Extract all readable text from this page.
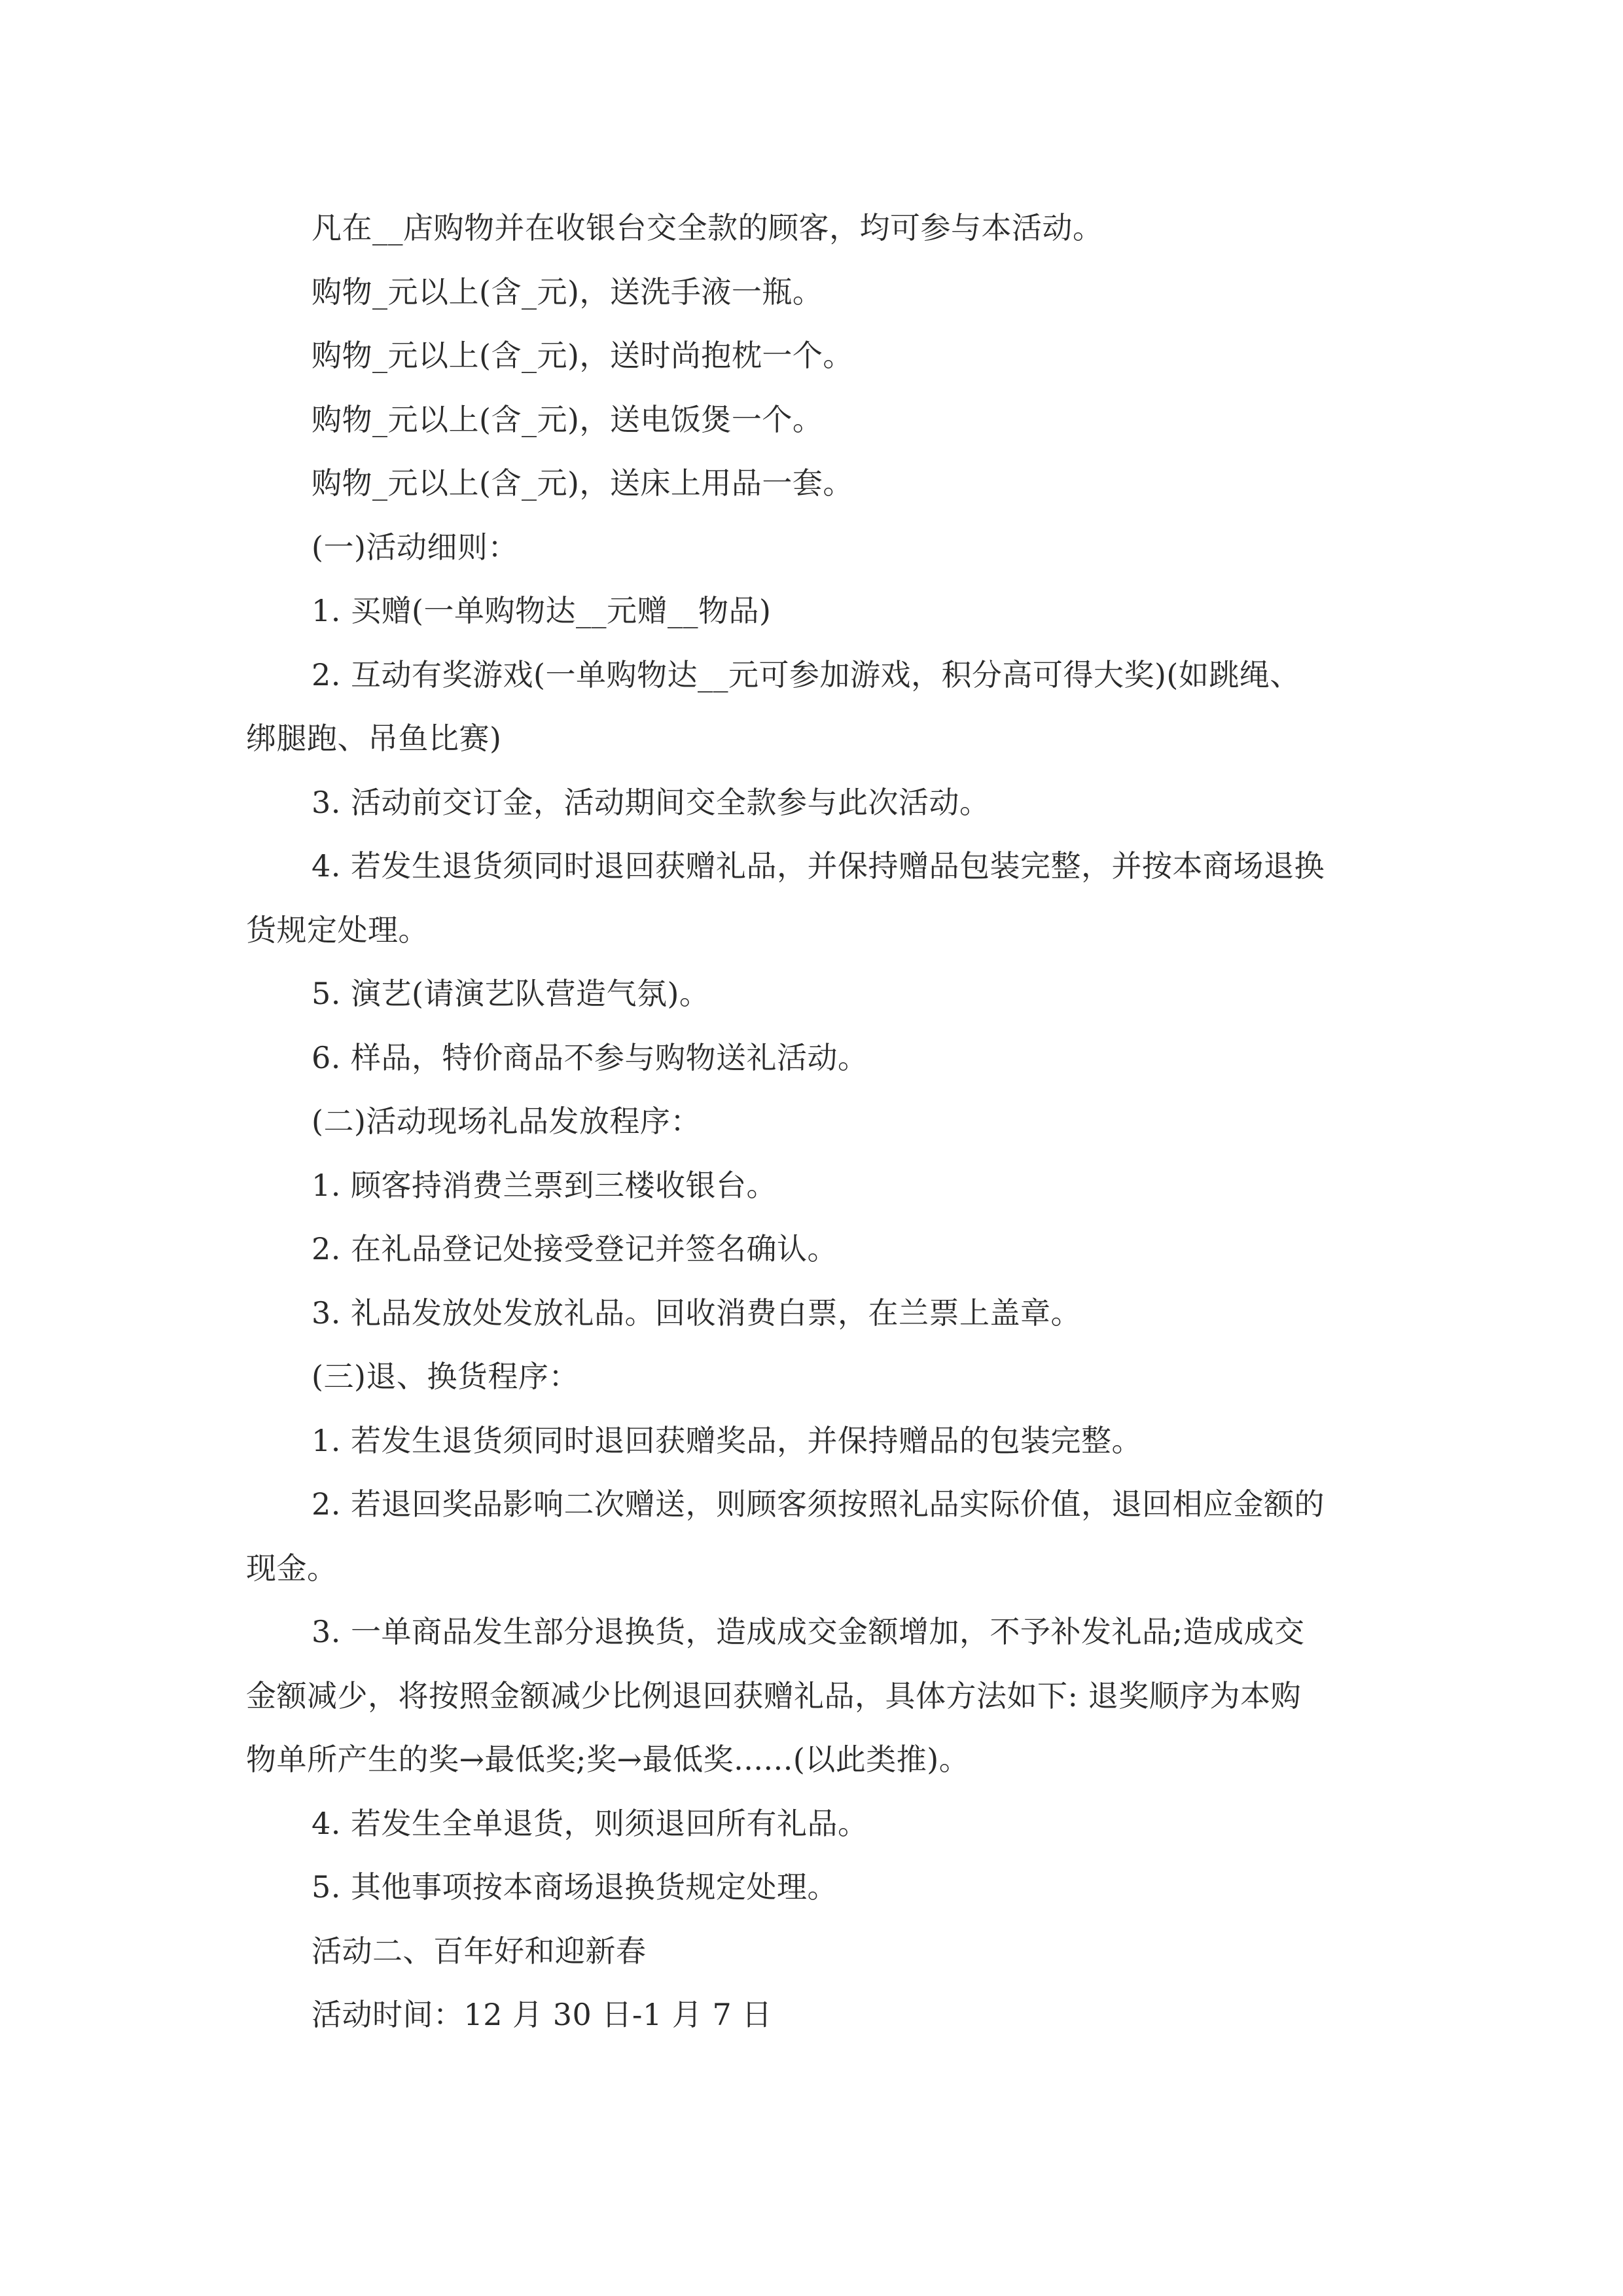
凡在__店购物并在收银台交全款的顾客，均可参与本活动。
购物_元以上(含_元)，送洗手液一瓶。
购物_元以上(含_元)，送时尚抱枕一个。
购物_元以上(含_元)，送电饭煲一个。
购物_元以上(含_元)，送床上用品一套。
(一)活动细则：
1. 买赠(一单购物达__元赠__物品)
2. 互动有奖游戏(一单购物达__元可参加游戏，积分高可得大奖)(如跳绳、
绑腿跑、吊鱼比赛)
3. 活动前交订金，活动期间交全款参与此次活动。
4. 若发生退货须同时退回获赠礼品，并保持赠品包装完整，并按本商场退换
货规定处理。
5. 演艺(请演艺队营造气氛)。
6. 样品，特价商品不参与购物送礼活动。
(二)活动现场礼品发放程序：
1. 顾客持消费兰票到三楼收银台。
2. 在礼品登记处接受登记并签名确认。
3. 礼品发放处发放礼品。回收消费白票，在兰票上盖章。
(三)退、换货程序：
1. 若发生退货须同时退回获赠奖品，并保持赠品的包装完整。
2. 若退回奖品影响二次赠送，则顾客须按照礼品实际价值，退回相应金额的
现金。
3. 一单商品发生部分退换货，造成成交金额增加，不予补发礼品;造成成交
金额减少，将按照金额减少比例退回获赠礼品，具体方法如下: 退奖顺序为本购
物单所产生的奖→最低奖;奖→最低奖......(以此类推)。
4. 若发生全单退货，则须退回所有礼品。
5. 其他事项按本商场退换货规定处理。
活动二、百年好和迎新春
活动时间：12 月 30 日-1 月 7 日
